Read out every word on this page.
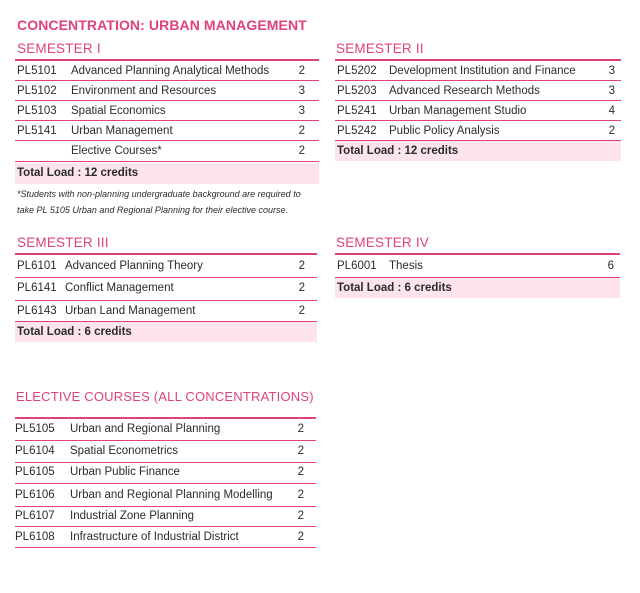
CONCENTRATION: URBAN MANAGEMENT
SEMESTER I
PL5101 Advanced Planning Analytical Methods	2
PL5102 Environment and Resources	3
PL5103 Spatial Economics	3
PL5141 Urban Management	2
Elective Courses*	2
Total Load : 12 credits
*Students with non-planning undergraduate background are required to
take PL 5105 Urban and Regional Planning for their elective course.
SEMESTER II
PL5202 Development Institution and Finance	3
PL5203 Advanced Research Methods	3
PL5241 Urban Management Studio	4
PL5242 Public Policy Analysis	2
Total Load : 12 credits
SEMESTER III
PL6101 Advanced Planning Theory	2
PL6141 Conflict Management	2
PL6143 Urban Land Management	2
Total Load : 6 credits
SEMESTER IV
PL6001 Thesis	6
Total Load : 6 credits
ELECTIVE COURSES (ALL CONCENTRATIONS)
PL5105 Urban and Regional Planning	2
PL6104 Spatial Econometrics	2
PL6105 Urban Public Finance	2
PL6106 Urban and Regional Planning Modelling	2
PL6107 Industrial Zone Planning	2
PL6108 Infrastructure of Industrial District	2
